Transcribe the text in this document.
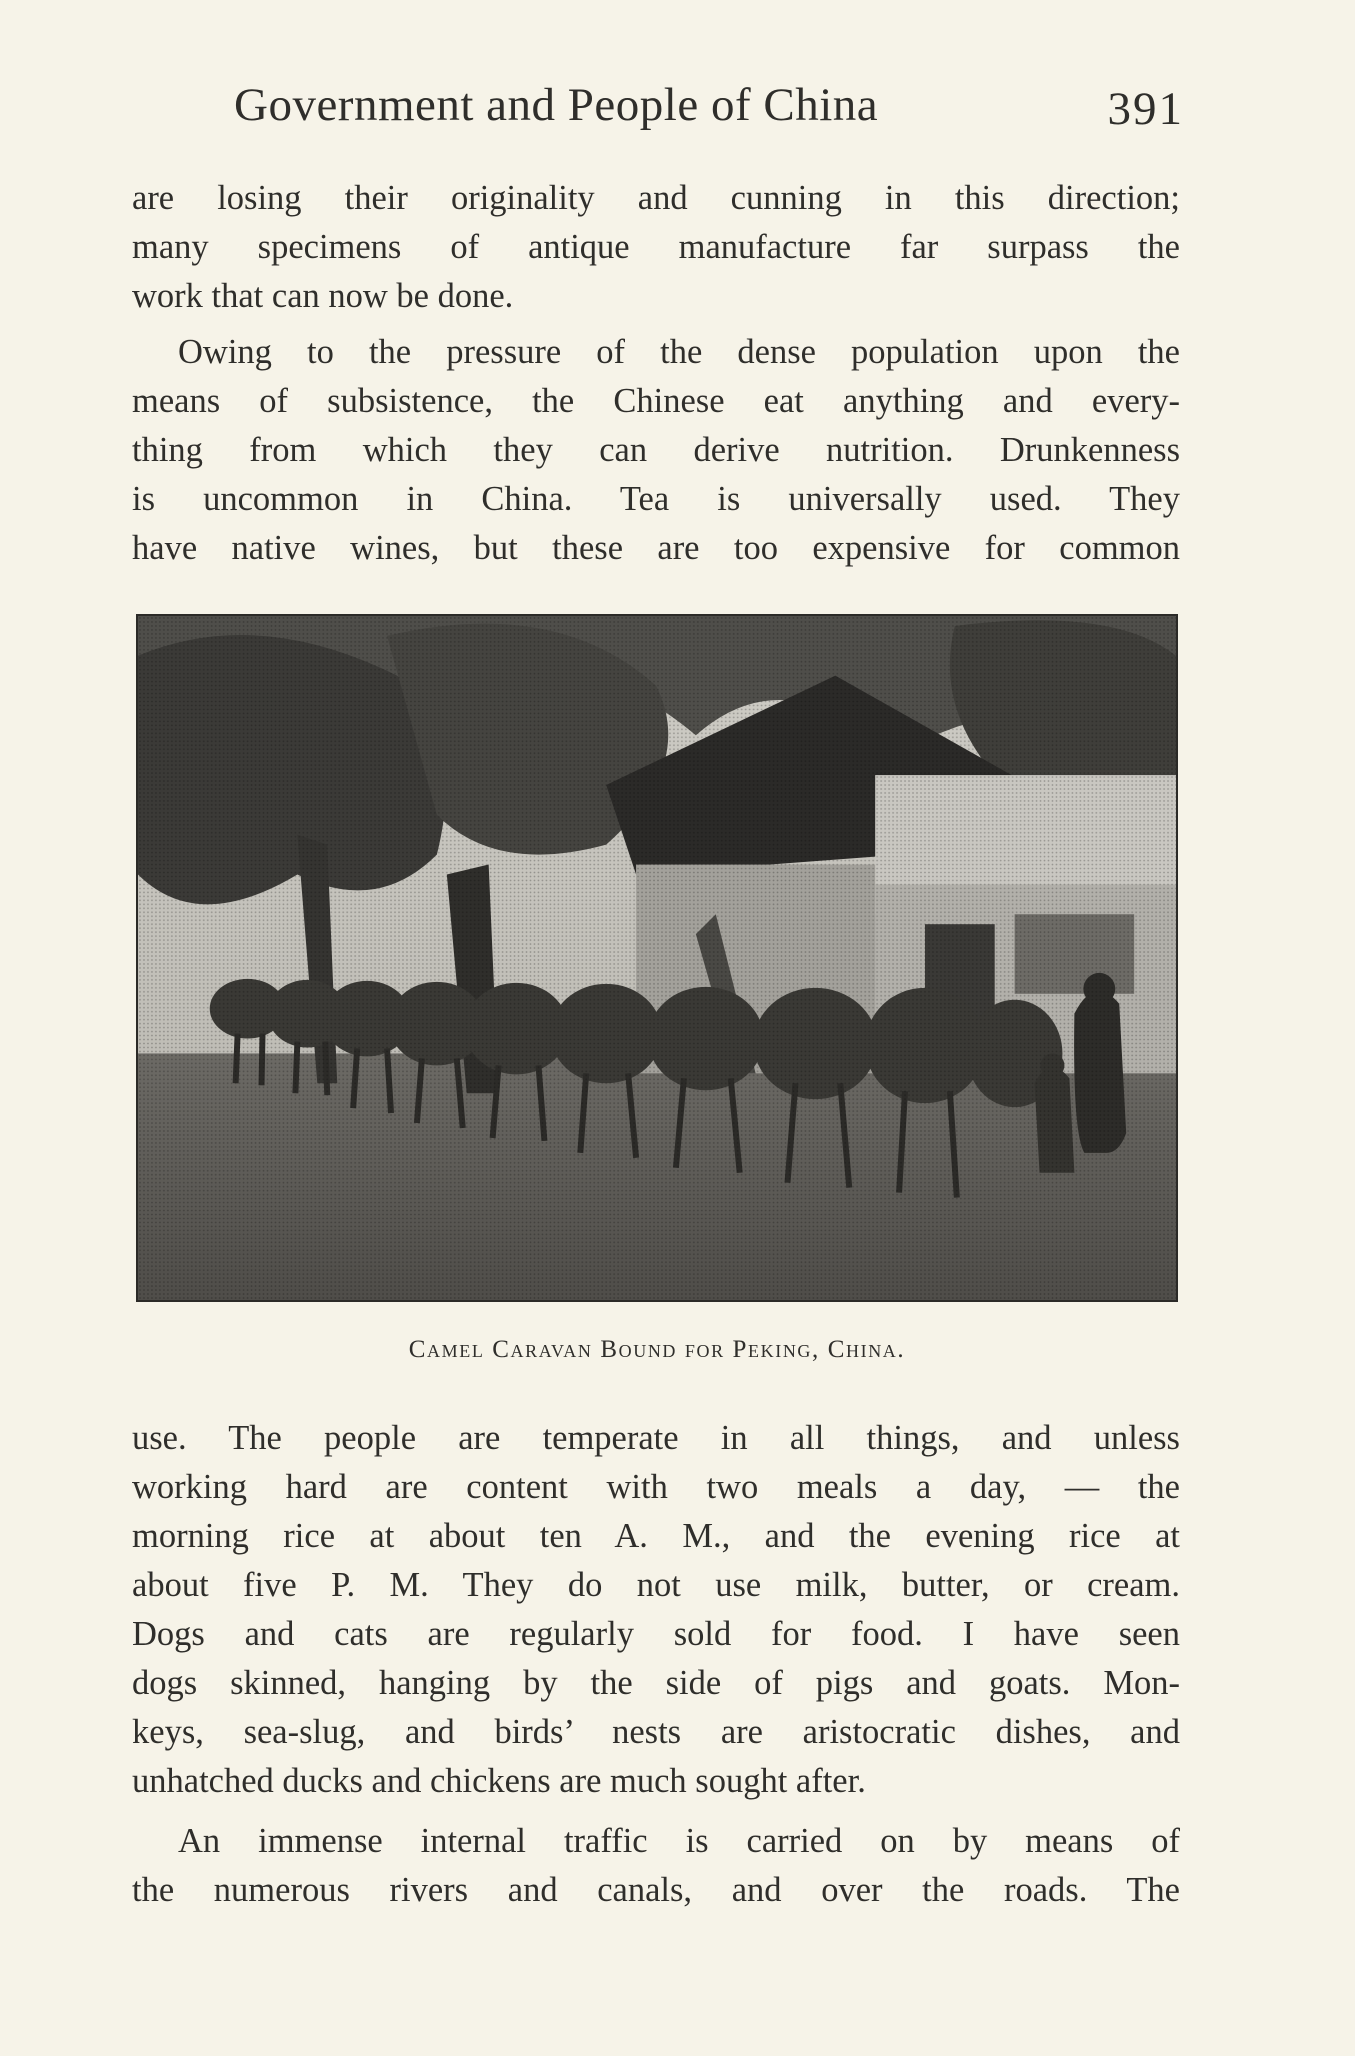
Government and People of China	391
are losing their originality and cunning in this direction;
many specimens of antique manufacture far surpass the
work that can now be done.
Owing to the pressure of the dense population upon the
means of subsistence, the Chinese eat anything and every-
thing from which they can derive nutrition. Drunkenness
is uncommon in China. Tea is universally used. They
have native wines, but these are too expensive for common
Camel Caravan Bound for Peking, China.
use. The people are temperate in all things, and unless
working hard are content with two meals a day, — the
morning rice at about ten A. M., and the evening rice at
about five P. M. They do not use milk, butter, or cream.
Dogs and cats are regularly sold for food. I have seen
dogs skinned, hanging by the side of pigs and goats. Mon-
keys, sea-slug, and birds’ nests are aristocratic dishes, and
unhatched ducks and chickens are much sought after.
An immense internal traffic is carried on by means of
the numerous rivers and canals, and over the roads. The
